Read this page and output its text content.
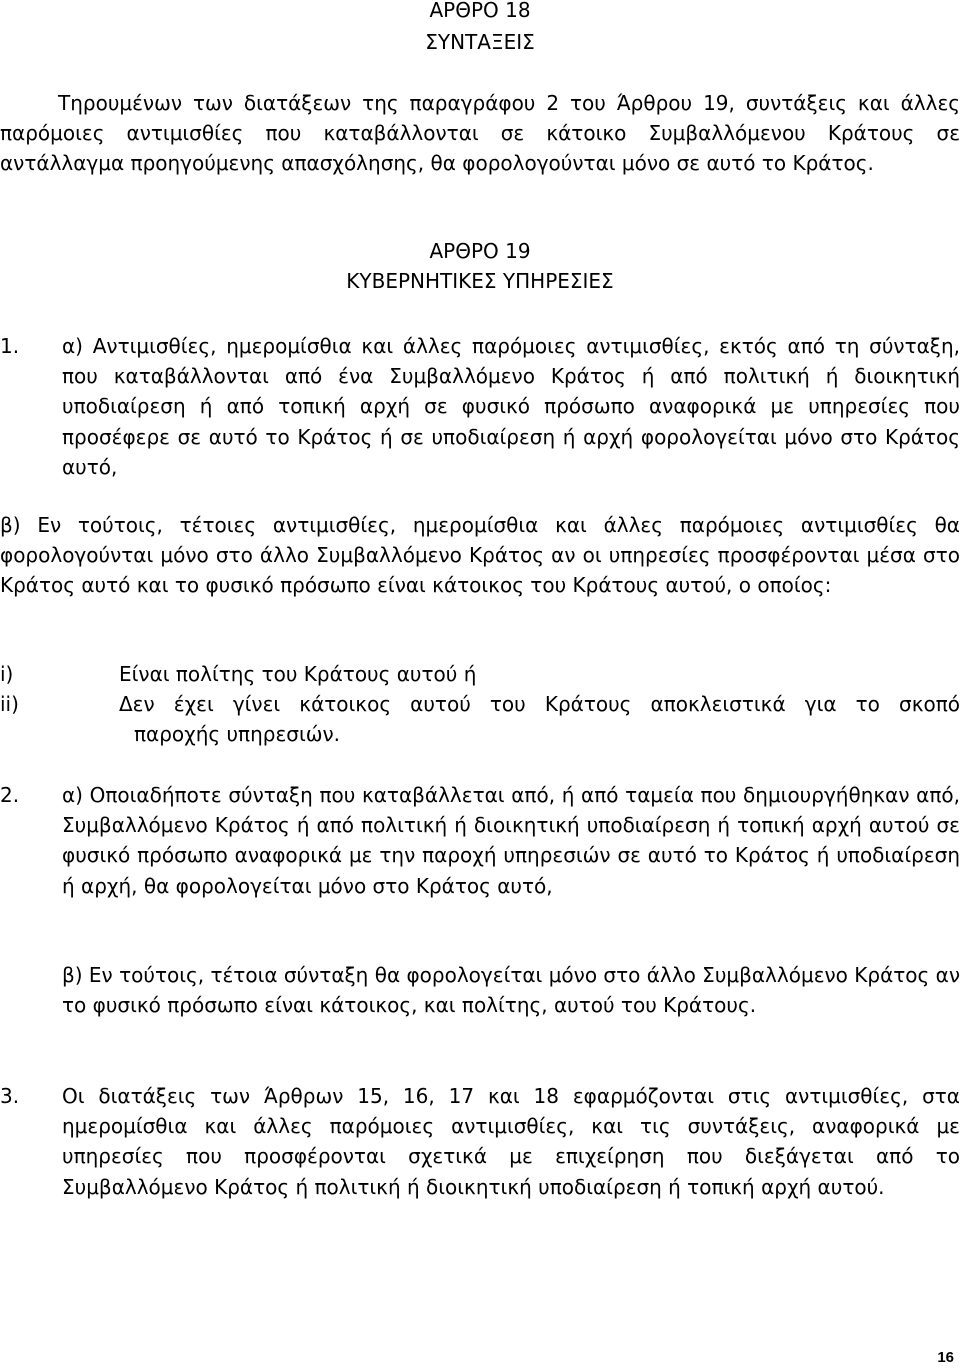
ΑΡΘΡΟ 18
ΣΥΝΤΑΞΕΙΣ
Τηρουμένων των διατάξεων της παραγράφου 2 του Άρθρου 19, συντάξεις και άλλες παρόμοιες αντιμισθίες που καταβάλλονται σε κάτοικο Συμβαλλόμενου Κράτους σε αντάλλαγμα προηγούμενης απασχόλησης, θα φορολογούνται μόνο σε αυτό το Κράτος.
ΑΡΘΡΟ 19
ΚΥΒΕΡΝΗΤΙΚΕΣ ΥΠΗΡΕΣΙΕΣ
1. α) Αντιμισθίες, ημερομίσθια και άλλες παρόμοιες αντιμισθίες, εκτός από τη σύνταξη, που καταβάλλονται από ένα Συμβαλλόμενο Κράτος ή από πολιτική ή διοικητική υποδιαίρεση ή από τοπική αρχή σε φυσικό πρόσωπο αναφορικά με υπηρεσίες που προσέφερε σε αυτό το Κράτος ή σε υποδιαίρεση ή αρχή φορολογείται μόνο στο Κράτος αυτό,
β) Εν τούτοις, τέτοιες αντιμισθίες, ημερομίσθια και άλλες παρόμοιες αντιμισθίες θα φορολογούνται μόνο στο άλλο Συμβαλλόμενο Κράτος αν οι υπηρεσίες προσφέρονται μέσα στο Κράτος αυτό και το φυσικό πρόσωπο είναι κάτοικος του Κράτους αυτού, ο οποίος:
i)	Είναι πολίτης του Κράτους αυτού ή
ii)	Δεν έχει γίνει κάτοικος αυτού του Κράτους αποκλειστικά για το σκοπό
παροχής υπηρεσιών.
2. α) Οποιαδήποτε σύνταξη που καταβάλλεται από, ή από ταμεία που δημιουργήθηκαν από, Συμβαλλόμενο Κράτος ή από πολιτική ή διοικητική υποδιαίρεση ή τοπική αρχή αυτού σε φυσικό πρόσωπο αναφορικά με την παροχή υπηρεσιών σε αυτό το Κράτος ή υποδιαίρεση ή αρχή, θα φορολογείται μόνο στο Κράτος αυτό,
β) Εν τούτοις, τέτοια σύνταξη θα φορολογείται μόνο στο άλλο Συμβαλλόμενο Κράτος αν το φυσικό πρόσωπο είναι κάτοικος, και πολίτης, αυτού του Κράτους.
3. Οι διατάξεις των Άρθρων 15, 16, 17 και 18 εφαρμόζονται στις αντιμισθίες, στα ημερομίσθια και άλλες παρόμοιες αντιμισθίες, και τις συντάξεις, αναφορικά με υπηρεσίες που προσφέρονται σχετικά με επιχείρηση που διεξάγεται από το Συμβαλλόμενο Κράτος ή πολιτική ή διοικητική υποδιαίρεση ή τοπική αρχή αυτού.
16
